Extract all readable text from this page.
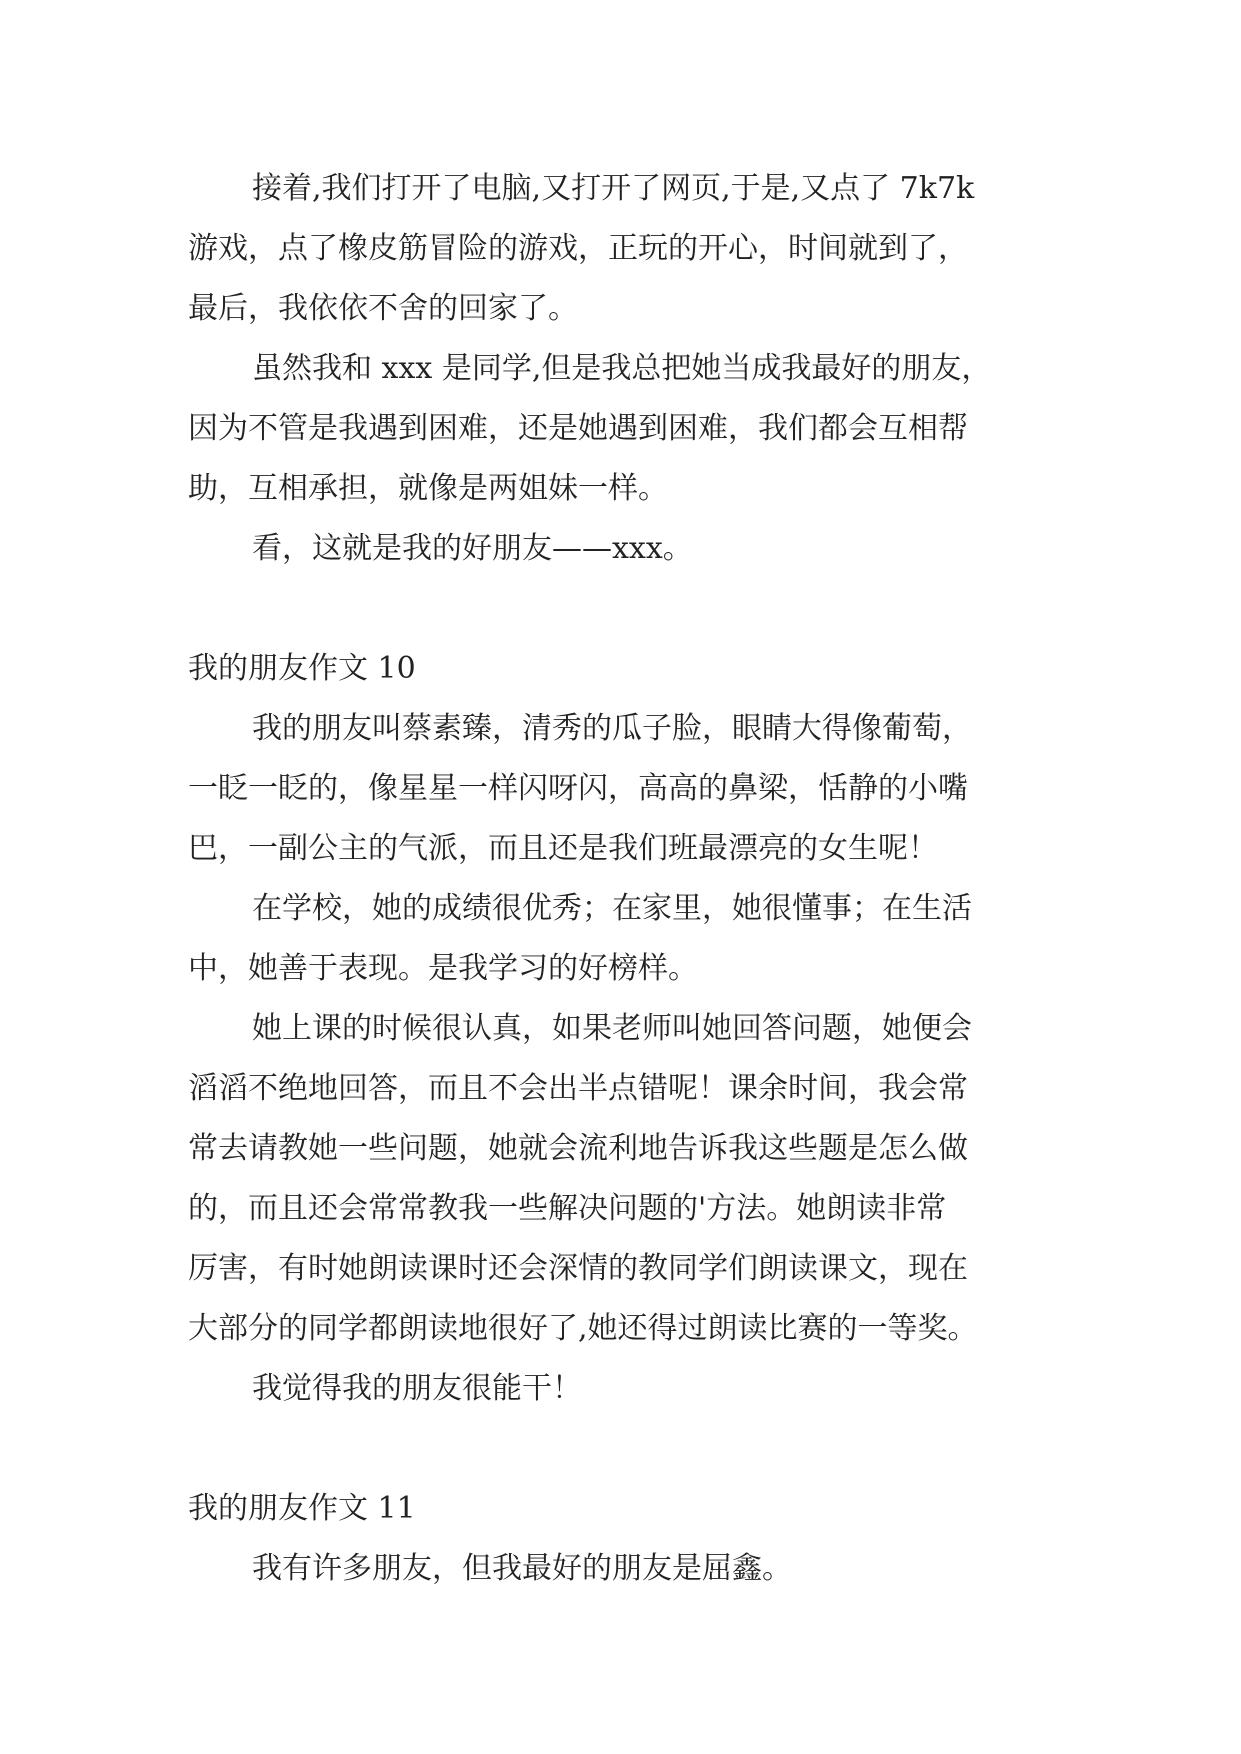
接着,我们打开了电脑,又打开了网页,于是,又点了 7k7k
游戏，点了橡皮筋冒险的游戏，正玩的开心，时间就到了，
最后，我依依不舍的回家了。
虽然我和 xxx 是同学,但是我总把她当成我最好的朋友，
因为不管是我遇到困难，还是她遇到困难，我们都会互相帮
助，互相承担，就像是两姐妹一样。
看，这就是我的好朋友——xxx。
我的朋友作文 10
我的朋友叫蔡素臻，清秀的瓜子脸，眼睛大得像葡萄，
一眨一眨的，像星星一样闪呀闪，高高的鼻梁，恬静的小嘴
巴，一副公主的气派，而且还是我们班最漂亮的女生呢！
在学校，她的成绩很优秀；在家里，她很懂事；在生活
中，她善于表现。是我学习的好榜样。
她上课的时候很认真，如果老师叫她回答问题，她便会
滔滔不绝地回答，而且不会出半点错呢！课余时间，我会常
常去请教她一些问题，她就会流利地告诉我这些题是怎么做
的，而且还会常常教我一些解决问题的'方法。她朗读非常
厉害，有时她朗读课时还会深情的教同学们朗读课文，现在
大部分的同学都朗读地很好了,她还得过朗读比赛的一等奖。
我觉得我的朋友很能干！
我的朋友作文 11
我有许多朋友，但我最好的朋友是屈鑫。
